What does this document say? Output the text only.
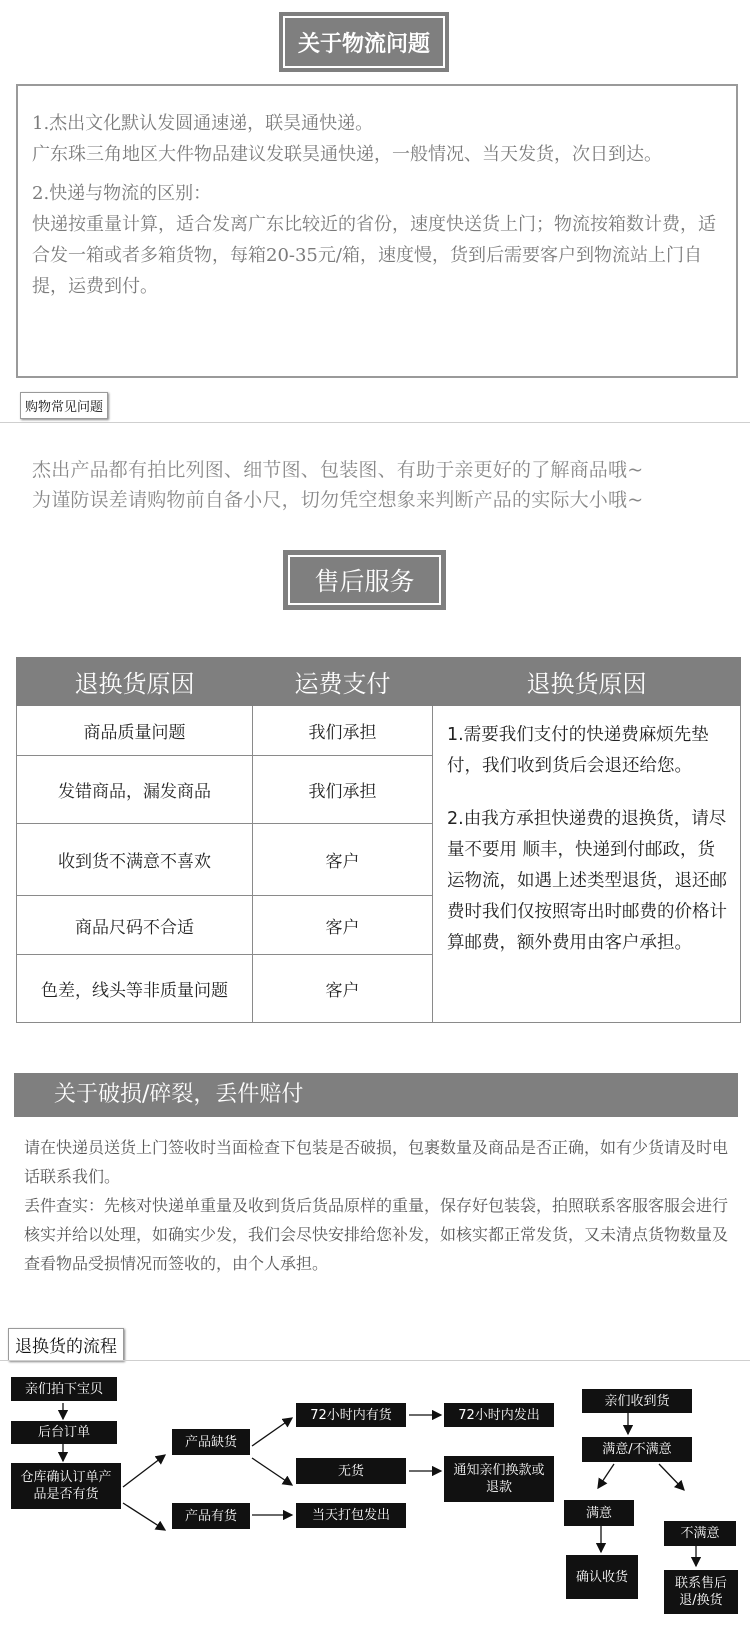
关于物流问题

1.杰出文化默认发圆通速递，联昊通快递。
广东珠三角地区大件物品建议发联昊通快递，一般情况、当天发货，次日到达。

2.快递与物流的区别：
快递按重量计算，适合发离广东比较近的省份，速度快送货上门；物流按箱数计费，适合发一箱或者多箱货物，每箱20-35元/箱，速度慢，货到后需要客户到物流站上门自提，运费到付。

购物常见问题
杰出产品都有拍比列图、细节图、包装图、有助于亲更好的了解商品哦~
为谨防误差请购物前自备小尺，切勿凭空想象来判断产品的实际大小哦~
售后服务
退换货原因	运费支付	退换货原因
商品质量问题	我们承担	1.需要我们支付的快递费麻烦先垫付，我们收到货后会退还给您。

2.由我方承担快递费的退换货，请尽量不要用 顺丰，快递到付邮政，货运物流，如遇上述类型退货，退还邮费时我们仅按照寄出时邮费的价格计算邮费，额外费用由客户承担。

发错商品，漏发商品	我们承担	
收到货不满意不喜欢	客户	
商品尺码不合适	客户	
色差，线头等非质量问题	客户	
关于破损/碎裂，丢件赔付

请在快递员送货上门签收时当面检查下包装是否破损，包裹数量及商品是否正确，如有少货请及时电话联系我们。

丢件查实：先核对快递单重量及收到货后货品原样的重量，保存好包装袋，拍照联系客服客服会进行核实并给以处理，如确实少发，我们会尽快安排给您补发，如核实都正常发货，又未清点货物数量及查看物品受损情况而签收的，由个人承担。

退换货的流程
亲们拍下宝贝
后台订单
仓库确认订单产品是否有货
产品缺货
产品有货
72小时内有货	72小时内发出
无货	通知亲们换款或退款
当天打包发出
亲们收到货
满意/不满意
满意
不满意
确认收货	联系售后退/换货
